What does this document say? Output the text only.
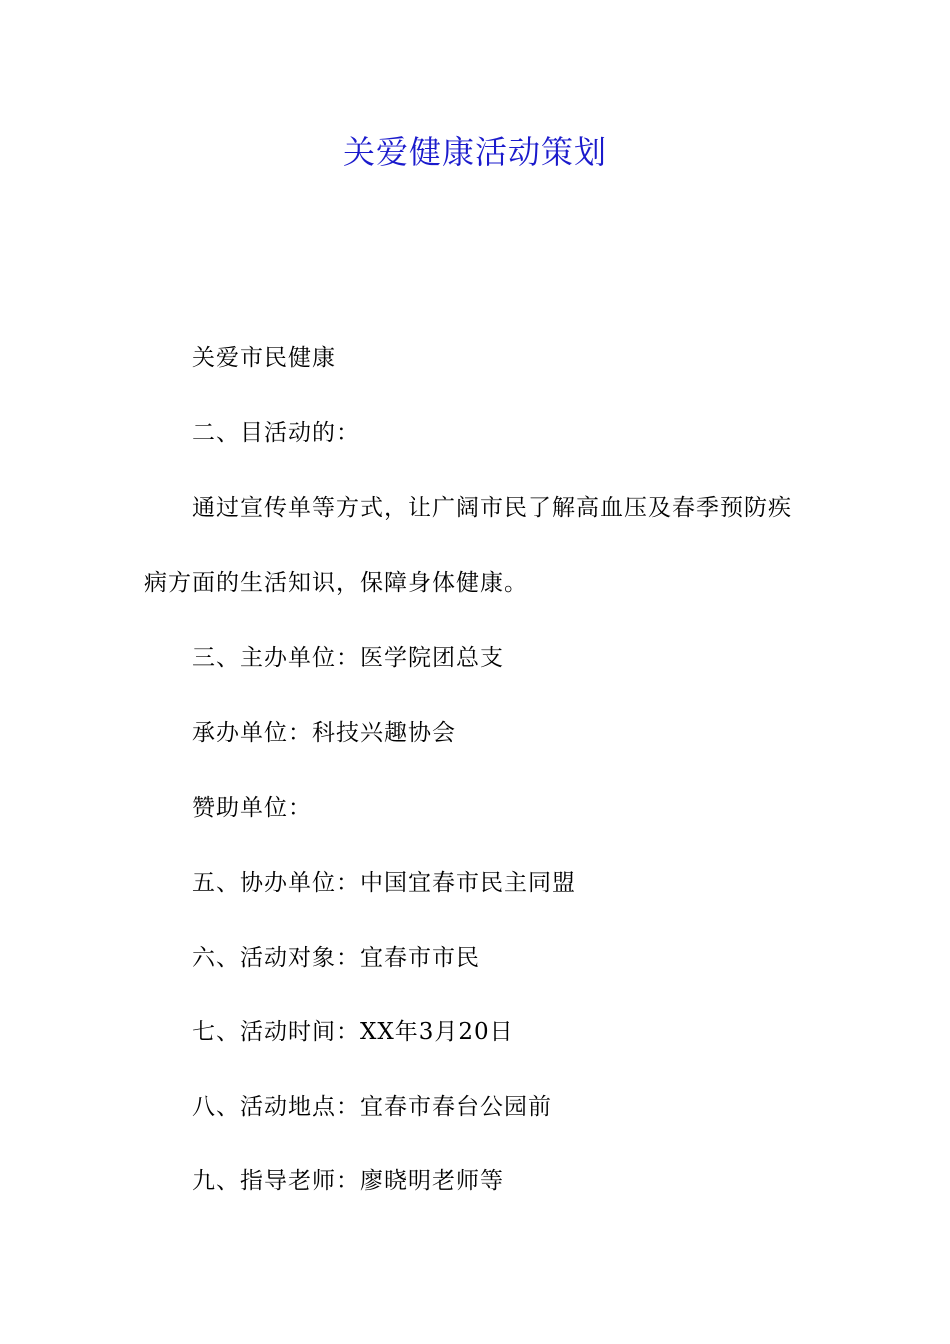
关爱健康活动策划
关爱市民健康
二、目活动的：
通过宣传单等方式，让广阔市民了解高血压及春季预防疾
病方面的生活知识，保障身体健康。
三、主办单位：医学院团总支
承办单位：科技兴趣协会
赞助单位：
五、协办单位：中国宜春市民主同盟
六、活动对象：宜春市市民
七、活动时间：XX年3月20日
八、活动地点：宜春市春台公园前
九、指导老师：廖晓明老师等
